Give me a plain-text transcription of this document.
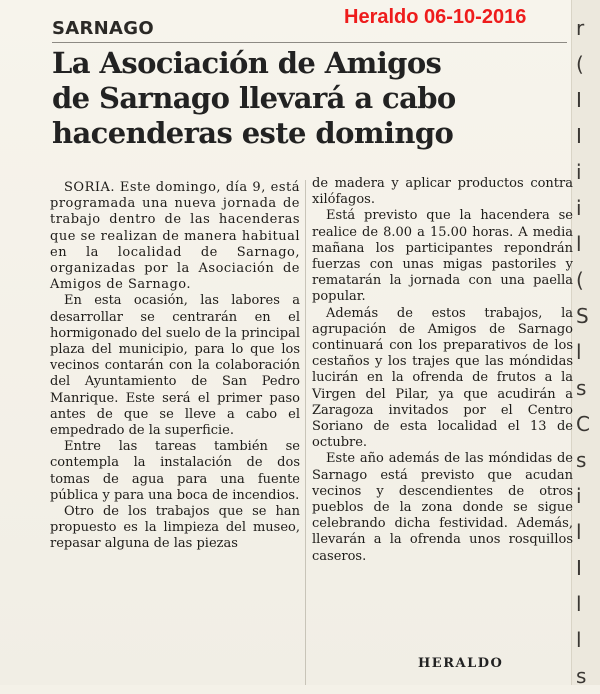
r
(
I
I
i
i
l
(
S
l
s
C
s
i
l
I
l
l
s
SARNAGO
Heraldo 06-10-2016
La Asociación de Amigos
de Sarnago llevará a cabo
hacenderas este domingo

SORIA. Este domingo, día 9, está programada una nueva jornada de trabajo dentro de las hacenderas que se realizan de manera habitual en la localidad de Sarnago, organizadas por la Asociación de Amigos de Sarnago.

En esta ocasión, las labores a desarrollar se centrarán en el hormigonado del suelo de la principal plaza del municipio, para lo que los vecinos contarán con la colaboración del Ayuntamiento de San Pedro Manrique. Este será el primer paso antes de que se lleve a cabo el empedrado de la superficie.

Entre las tareas también se contempla la instalación de dos tomas de agua para una fuente pública y para una boca de incendios.

Otro de los trabajos que se han propuesto es la limpieza del museo, repasar alguna de las piezas

de madera y aplicar productos contra xilófagos.

Está previsto que la hacendera se realice de 8.00 a 15.00 horas. A media mañana los participantes repondrán fuerzas con unas migas pastoriles y rematarán la jornada con una paella popular.

Además de estos trabajos, la agrupación de Amigos de Sarnago continuará con los preparativos de los cestaños y los trajes que las móndidas lucirán en la ofrenda de frutos a la Virgen del Pilar, ya que acudirán a Zaragoza invitados por el Centro Soriano de esta localidad el 13 de octubre.

Este año además de las móndidas de Sarnago está previsto que acudan vecinos y descendientes de otros pueblos de la zona donde se sigue celebrando dicha festividad. Además, llevarán a la ofrenda unos rosquillos caseros.

HERALDO
